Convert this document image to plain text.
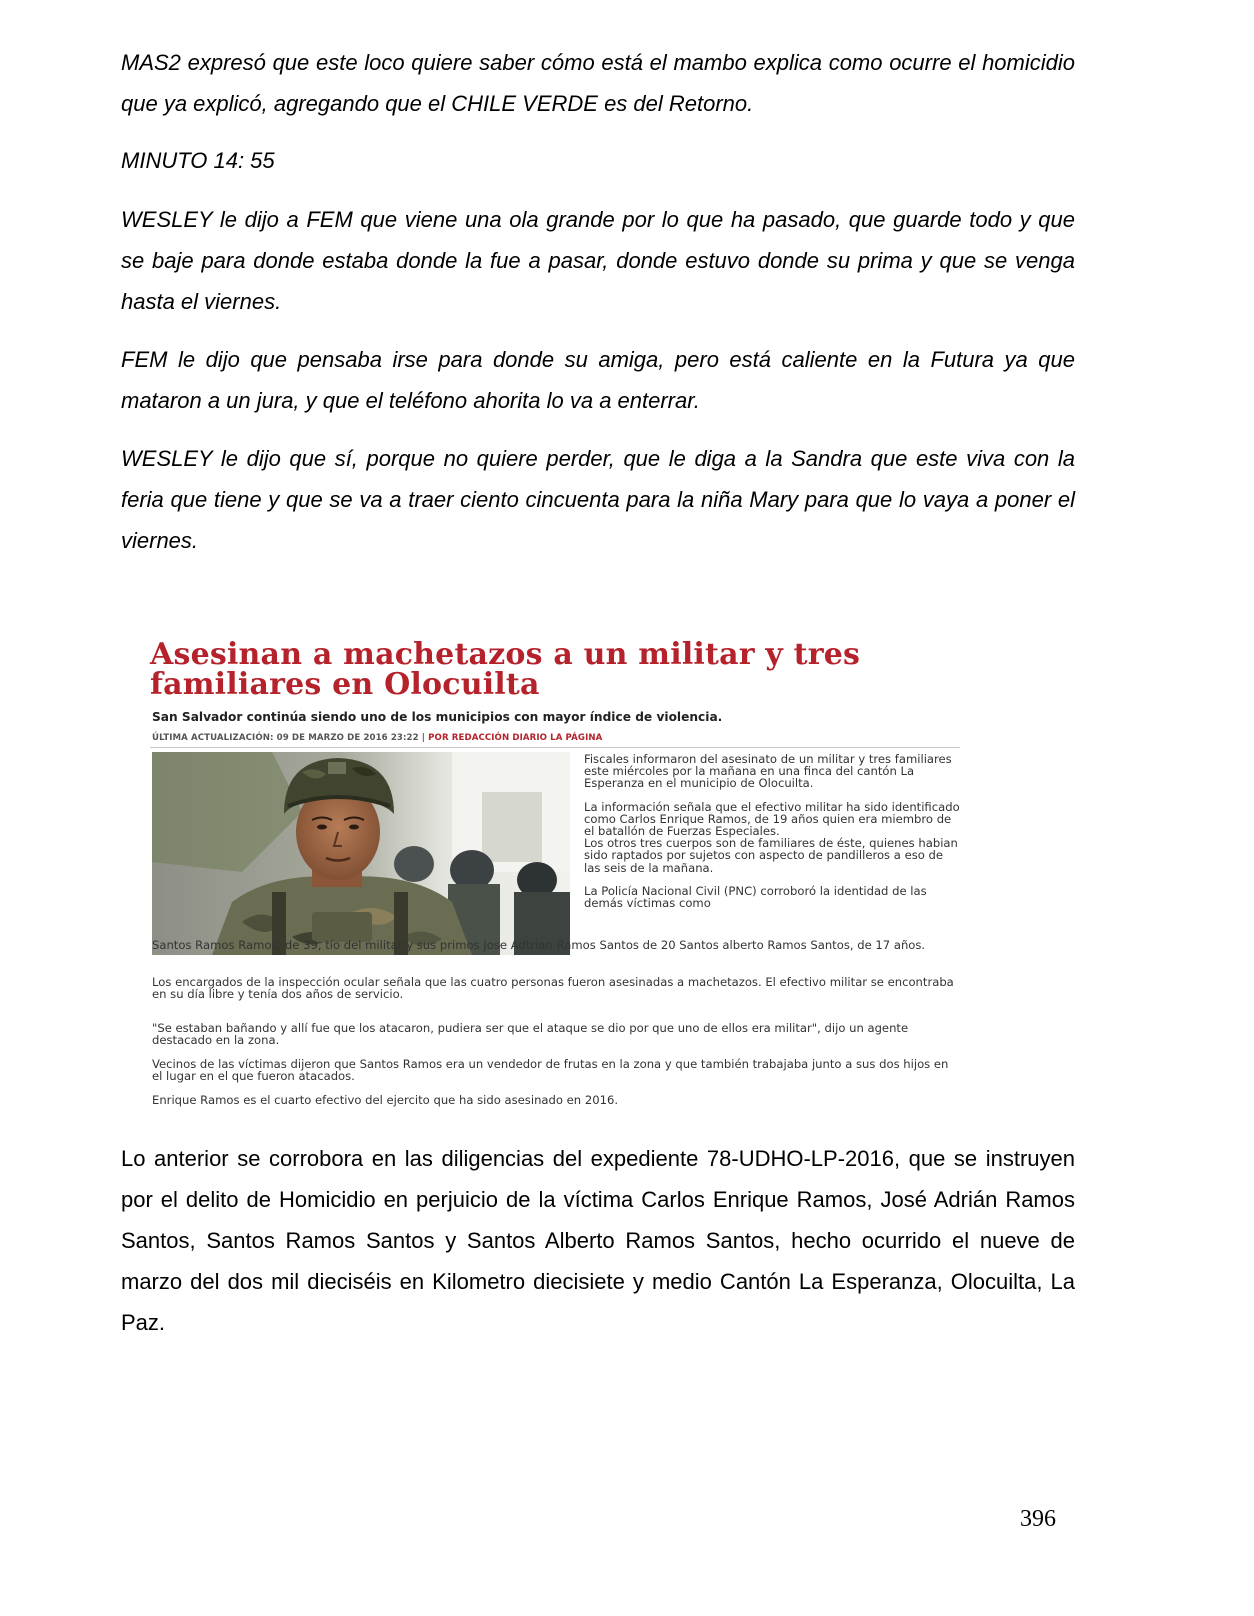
MAS2 expresó que este loco quiere saber cómo está el mambo explica como ocurre el homicidio que ya explicó, agregando que el CHILE VERDE es del Retorno.

MINUTO 14: 55

WESLEY le dijo a FEM que viene una ola grande por lo que ha pasado, que guarde todo y que se baje para donde estaba donde la fue a pasar, donde estuvo donde su prima y que se venga hasta el viernes.

FEM le dijo que pensaba irse para donde su amiga, pero está caliente en la Futura ya que mataron a un jura, y que el teléfono ahorita lo va a enterrar.

WESLEY le dijo que sí, porque no quiere perder, que le diga a la Sandra que este viva con la feria que tiene y que se va a traer ciento cincuenta para la niña Mary para que lo vaya a poner el viernes.

Asesinan a machetazos a un militar y tres familiares en Olocuilta

San Salvador continúa siendo uno de los municipios con mayor índice de violencia.

ÚLTIMA ACTUALIZACIÓN: 09 DE MARZO DE 2016 23:22 | POR REDACCIÓN DIARIO LA PÁGINA

Fiscales informaron del asesinato de un militar y tres familiares este miércoles por la mañana en una finca del cantón La Esperanza en el municipio de Olocuilta.

La información señala que el efectivo militar ha sido identificado como Carlos Enrique Ramos, de 19 años quien era miembro de el batallón de Fuerzas Especiales.

Los otros tres cuerpos son de familiares de éste, quienes habian sido raptados por sujetos con aspecto de pandilleros a eso de las seis de la mañana.

La Policía Nacional Civil (PNC) corroboró la identidad de las demás víctimas como

Santos Ramos Ramos, de 39, tío del militar y sus primos Jose Adtrian Ramos Santos de 20 Santos alberto Ramos Santos, de 17 años.

Los encargados de la inspección ocular señala que las cuatro personas fueron asesinadas a machetazos. El efectivo militar se encontraba en su día libre y tenía dos años de servicio.

"Se estaban bañando y allí fue que los atacaron, pudiera ser que el ataque se dio por que uno de ellos era militar", dijo un agente destacado en la zona.

Vecinos de las víctimas dijeron que Santos Ramos era un vendedor de frutas en la zona y que también trabajaba junto a sus dos hijos en el lugar en el que fueron atacados.

Enrique Ramos es el cuarto efectivo del ejercito que ha sido asesinado en 2016.

Lo anterior se corrobora en las diligencias del expediente 78-UDHO-LP-2016, que se instruyen por el delito de Homicidio en perjuicio de la víctima Carlos Enrique Ramos, José Adrián Ramos Santos, Santos Ramos Santos y Santos Alberto Ramos Santos, hecho ocurrido el nueve de marzo del dos mil dieciséis en Kilometro diecisiete y medio Cantón La Esperanza, Olocuilta, La Paz.

396
